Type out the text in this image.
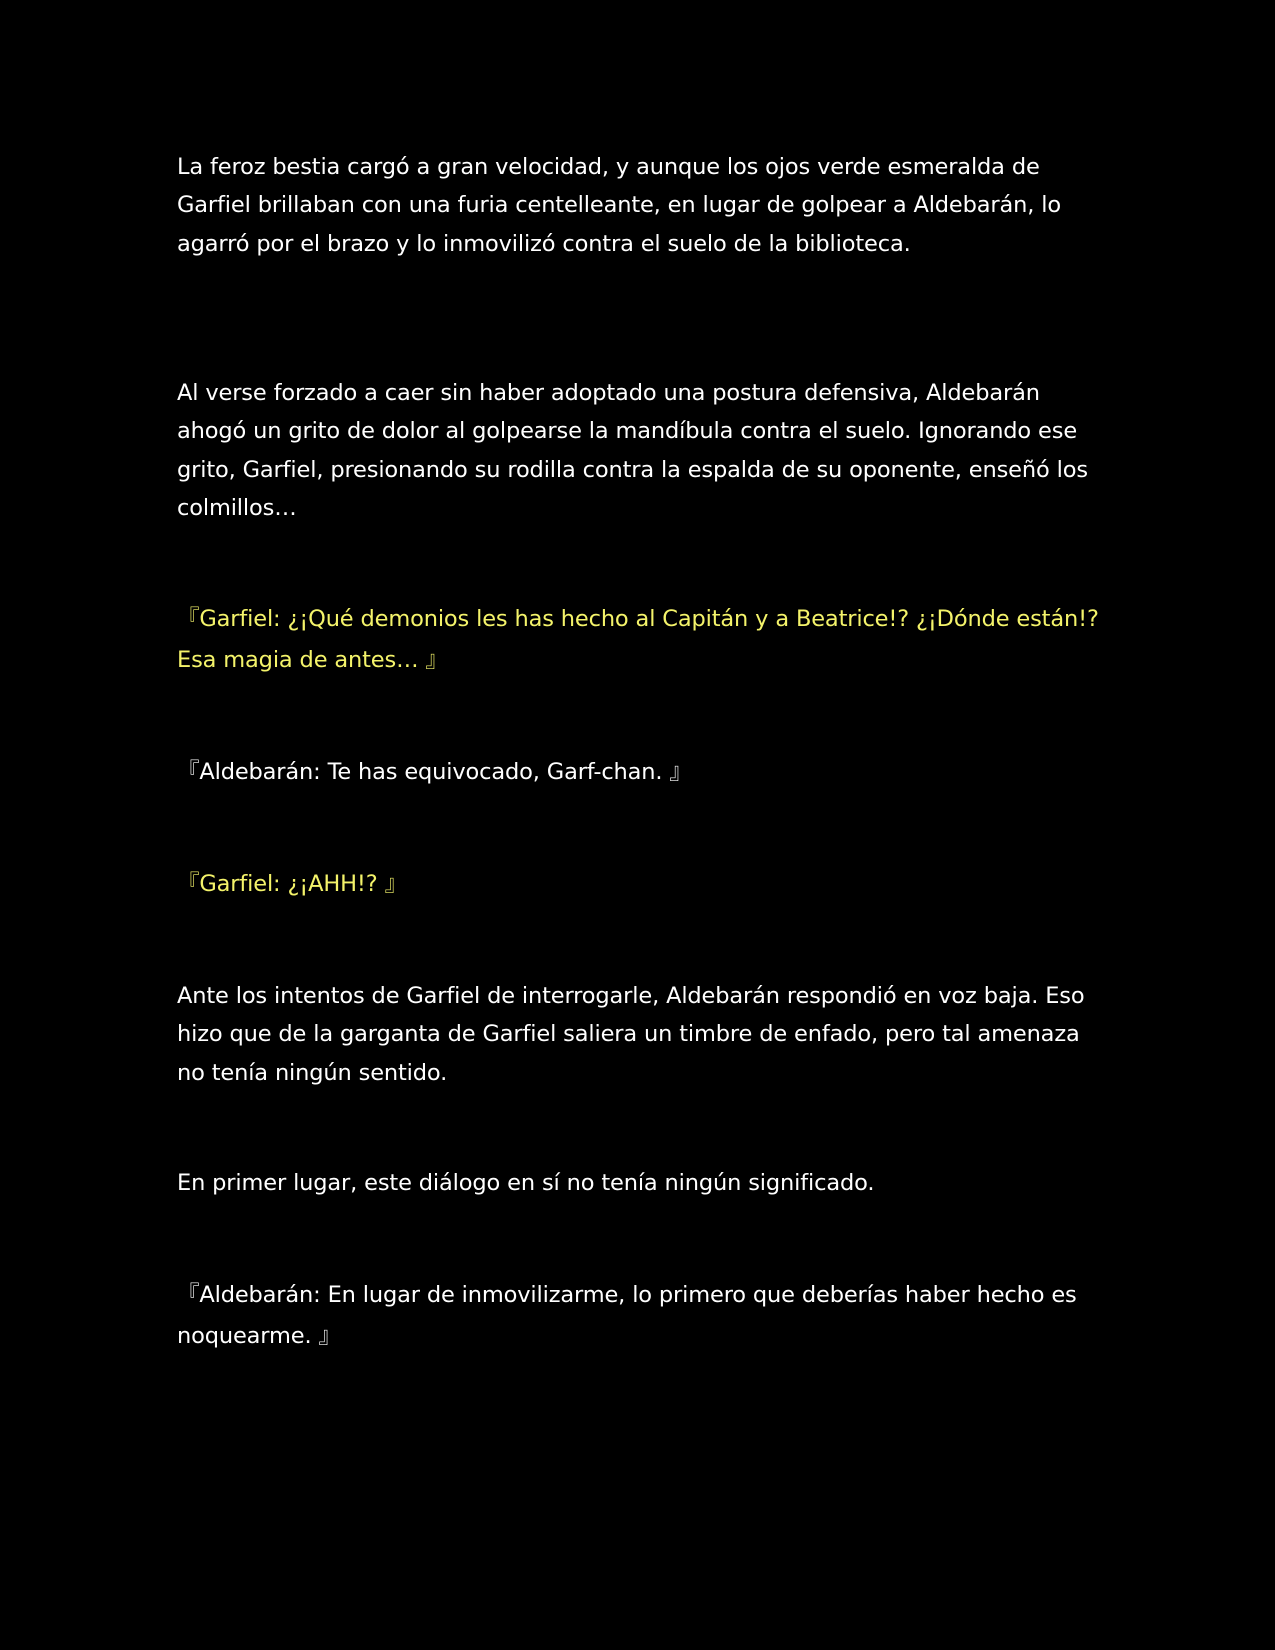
La feroz bestia cargó a gran velocidad, y aunque los ojos verde esmeralda de Garfiel brillaban con una furia centelleante, en lugar de golpear a Aldebarán, lo agarró por el brazo y lo inmovilizó contra el suelo de la biblioteca.

Al verse forzado a caer sin haber adoptado una postura defensiva, Aldebarán ahogó un grito de dolor al golpearse la mandíbula contra el suelo. Ignorando ese grito, Garfiel, presionando su rodilla contra la espalda de su oponente, enseñó los colmillos…

『Garfiel: ¿¡Qué demonios les has hecho al Capitán y a Beatrice!? ¿¡Dónde están!? Esa magia de antes… 』

『Aldebarán: Te has equivocado, Garf-chan. 』

『Garfiel: ¿¡AHH!? 』

Ante los intentos de Garfiel de interrogarle, Aldebarán respondió en voz baja. Eso hizo que de la garganta de Garfiel saliera un timbre de enfado, pero tal amenaza no tenía ningún sentido.

En primer lugar, este diálogo en sí no tenía ningún significado.

『Aldebarán: En lugar de inmovilizarme, lo primero que deberías haber hecho es noquearme. 』
